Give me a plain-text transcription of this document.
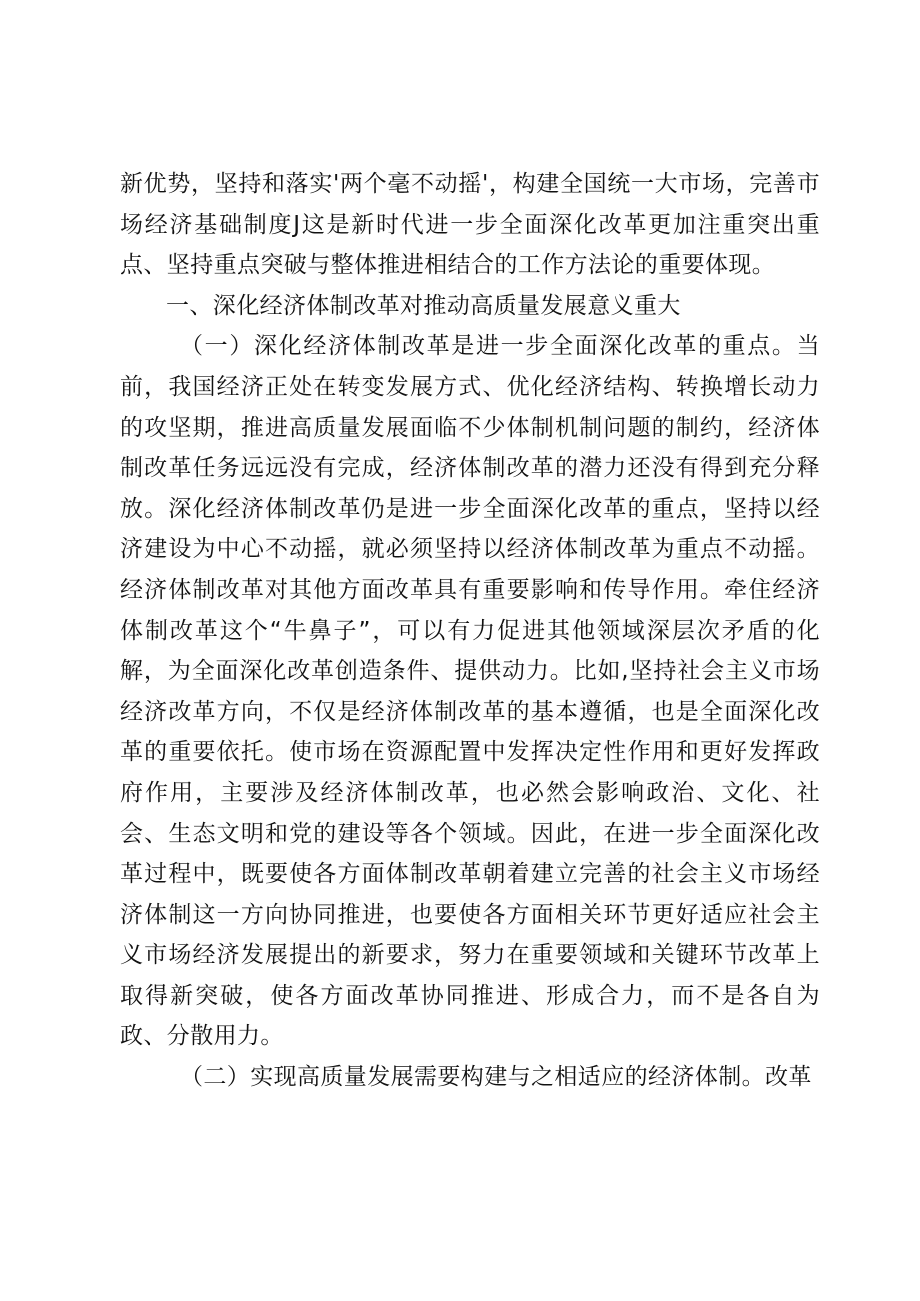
新优势，坚持和落实'两个毫不动摇'，构建全国统一大市场，完善市场经济基础制度J这是新时代进一步全面深化改革更加注重突出重点、坚持重点突破与整体推进相结合的工作方法论的重要体现。

一、深化经济体制改革对推动高质量发展意义重大

（一）深化经济体制改革是进一步全面深化改革的重点。当前，我国经济正处在转变发展方式、优化经济结构、转换增长动力的攻坚期，推进高质量发展面临不少体制机制问题的制约，经济体制改革任务远远没有完成，经济体制改革的潜力还没有得到充分释放。深化经济体制改革仍是进一步全面深化改革的重点，坚持以经济建设为中心不动摇，就必须坚持以经济体制改革为重点不动摇。经济体制改革对其他方面改革具有重要影响和传导作用。牵住经济体制改革这个“牛鼻子”，可以有力促进其他领域深层次矛盾的化解，为全面深化改革创造条件、提供动力。比如,坚持社会主义市场经济改革方向，不仅是经济体制改革的基本遵循，也是全面深化改革的重要依托。使市场在资源配置中发挥决定性作用和更好发挥政府作用，主要涉及经济体制改革，也必然会影响政治、文化、社会、生态文明和党的建设等各个领域。因此，在进一步全面深化改革过程中，既要使各方面体制改革朝着建立完善的社会主义市场经济体制这一方向协同推进，也要使各方面相关环节更好适应社会主义市场经济发展提出的新要求，努力在重要领域和关键环节改革上取得新突破，使各方面改革协同推进、形成合力，而不是各自为政、分散用力。

（二）实现高质量发展需要构建与之相适应的经济体制。改革
